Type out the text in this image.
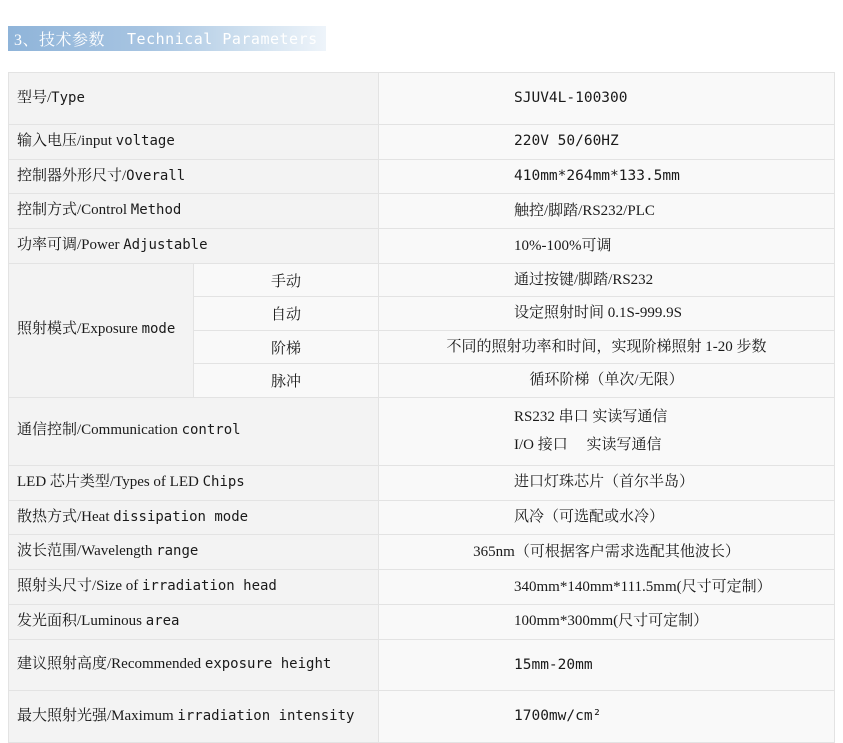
3、技术参数 Technical Parameters
型号/Type		SJUV4L-100300
输入电压/input voltage		220V 50/60HZ
控制器外形尺寸/Overall		410mm*264mm*133.5mm
控制方式/Control Method		触控/脚踏/RS232/PLC
功率可调/Power Adjustable		10%-100%可调
照射模式/Exposure mode	手动	通过按键/脚踏/RS232
	自动	设定照射时间 0.1S-999.9S
	阶梯	不同的照射功率和时间，实现阶梯照射 1-20 步数
	脉冲	循环阶梯（单次/无限）
通信控制/Communication control		RS232 串口 实读写通信
I/O 接口　 实读写通信

LED 芯片类型/Types of LED Chips		进口灯珠芯片（首尔半岛）
散热方式/Heat dissipation mode		风冷（可选配或水冷）
波长范围/Wavelength range		365nm（可根据客户需求选配其他波长）
照射头尺寸/Size of irradiation head		340mm*140mm*111.5mm(尺寸可定制）
发光面积/Luminous area		100mm*300mm(尺寸可定制）
建议照射高度/Recommended exposure height		15mm-20mm
最大照射光强/Maximum irradiation intensity		1700mw/cm²
